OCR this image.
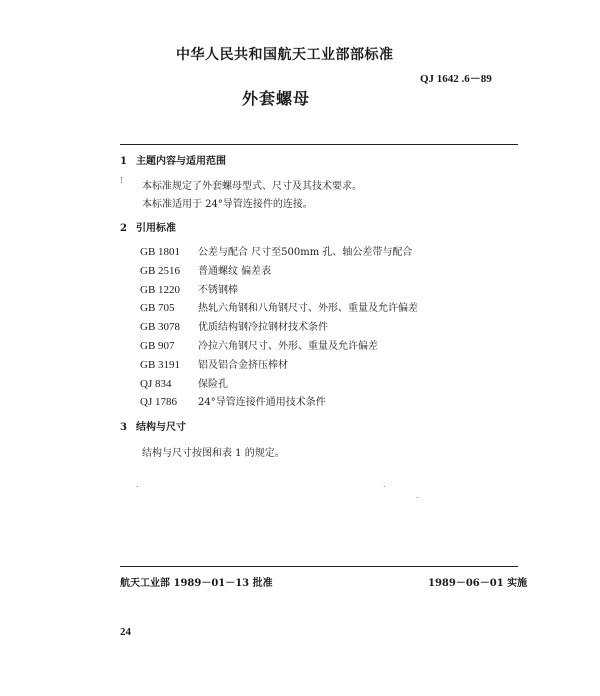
中华人民共和国航天工业部部标准
QJ 1642 .6－89
外套螺母
1 主题内容与适用范围
!
本标准规定了外套螺母型式、尺寸及其技术要求。
本标准适用于 24°导管连接件的连接。
2 引用标准
GB 1801 公差与配合 尺寸至500mm 孔、轴公差带与配合
GB 2516 普通螺纹 偏差表
GB 1220 不锈钢棒
GB 705 热轧六角钢和八角钢尺寸、外形、重量及允许偏差
GB 3078 优质结构钢冷拉钢材技术条件
GB 907 冷拉六角钢尺寸、外形、重量及允许偏差
GB 3191 铝及铝合金挤压棒材
QJ 834	保险孔
QJ 1786 24°导管连接件通用技术条件
3 结构与尺寸
结构与尺寸按图和表 1 的规定。
.	.
.
航天工业部 1989－01－13 批准	1989－06－01 实施
24
